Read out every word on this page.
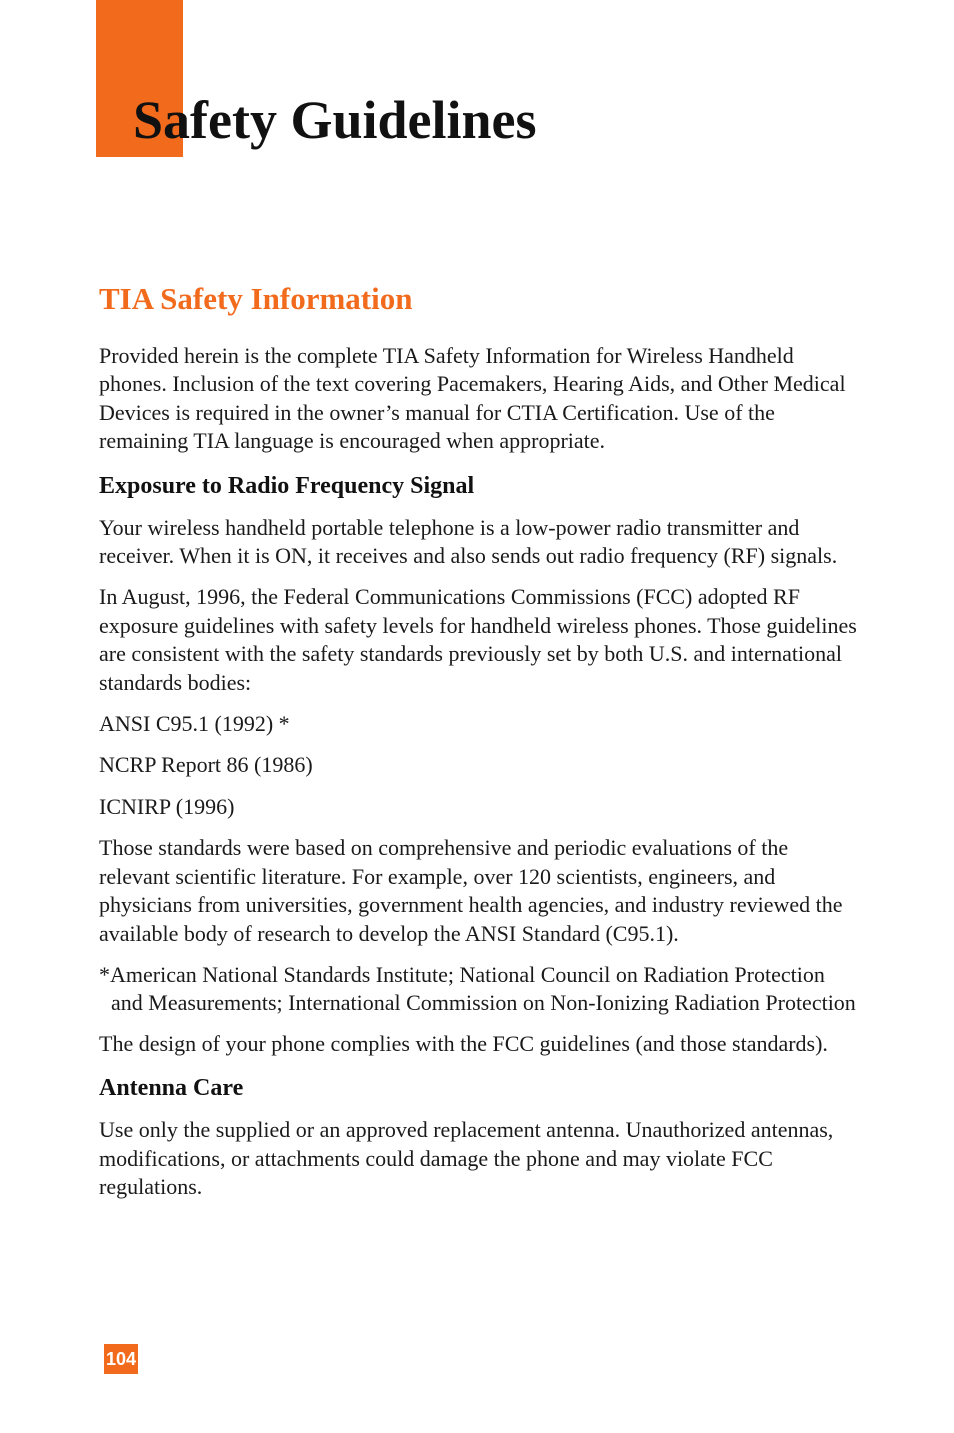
Safety Guidelines
TIA Safety Information

Provided herein is the complete TIA Safety Information for Wireless Handheld phones. Inclusion of the text covering Pacemakers, Hearing Aids, and Other Medical Devices is required in the owner’s manual for CTIA Certification. Use of the remaining TIA language is encouraged when appropriate.

Exposure to Radio Frequency Signal

Your wireless handheld portable telephone is a low-power radio transmitter and receiver. When it is ON, it receives and also sends out radio frequency (RF) signals.

In August, 1996, the Federal Communications Commissions (FCC) adopted RF exposure guidelines with safety levels for handheld wireless phones. Those guidelines are consistent with the safety standards previously set by both U.S. and international standards bodies:

ANSI C95.1 (1992) *

NCRP Report 86 (1986)

ICNIRP (1996)

Those standards were based on comprehensive and periodic evaluations of the relevant scientific literature. For example, over 120 scientists, engineers, and physicians from universities, government health agencies, and industry reviewed the available body of research to develop the ANSI Standard (C95.1).

*American National Standards Institute; National Council on Radiation Protection and Measurements; International Commission on Non-Ionizing Radiation Protection

The design of your phone complies with the FCC guidelines (and those standards).

Antenna Care

Use only the supplied or an approved replacement antenna. Unauthorized antennas, modifications, or attachments could damage the phone and may violate FCC regulations.

104
